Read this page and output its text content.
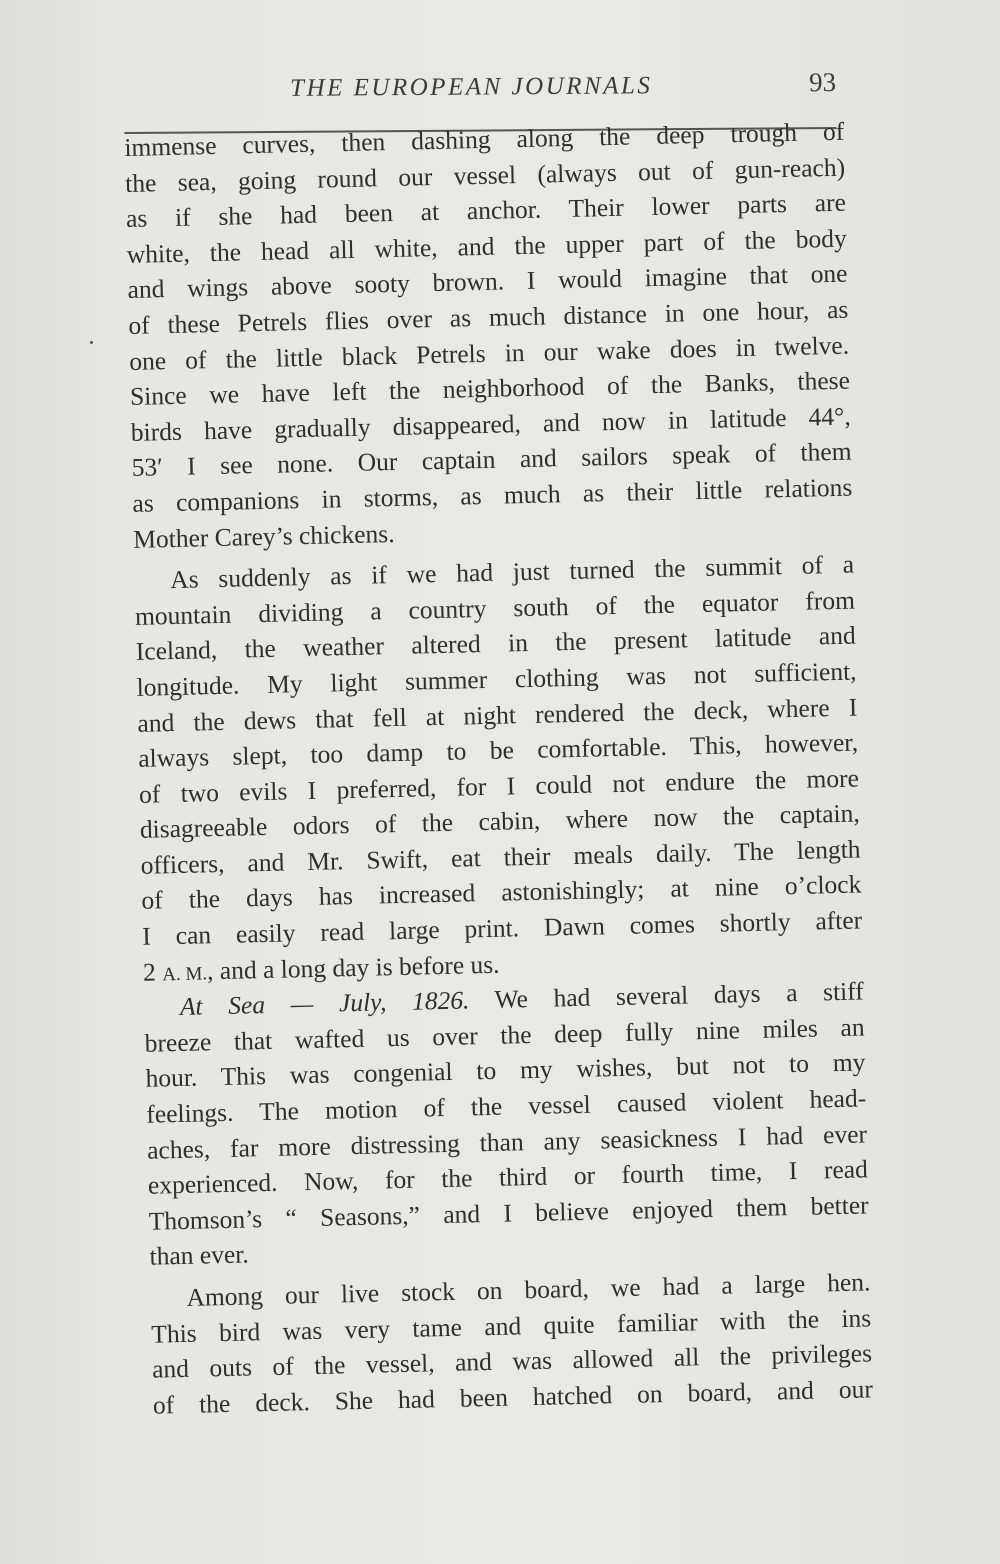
THE EUROPEAN JOURNALS	93
immense curves, then dashing along the deep trough of
the sea, going round our vessel (always out of gun-reach)
as if she had been at anchor. Their lower parts are
white, the head all white, and the upper part of the body
and wings above sooty brown. I would imagine that one
of these Petrels flies over as much distance in one hour, as
one of the little black Petrels in our wake does in twelve.
Since we have left the neighborhood of the Banks, these
birds have gradually disappeared, and now in latitude 44°,
53′ I see none. Our captain and sailors speak of them
as companions in storms, as much as their little relations
Mother Carey’s chickens.
As suddenly as if we had just turned the summit of a
mountain dividing a country south of the equator from
Iceland, the weather altered in the present latitude and
longitude. My light summer clothing was not sufficient,
and the dews that fell at night rendered the deck, where I
always slept, too damp to be comfortable. This, however,
of two evils I preferred, for I could not endure the more
disagreeable odors of the cabin, where now the captain,
officers, and Mr. Swift, eat their meals daily. The length
of the days has increased astonishingly; at nine o’clock
I can easily read large print. Dawn comes shortly after
2 A. M., and a long day is before us.
At Sea — July, 1826. We had several days a stiff
breeze that wafted us over the deep fully nine miles an
hour. This was congenial to my wishes, but not to my
feelings. The motion of the vessel caused violent head-
aches, far more distressing than any seasickness I had ever
experienced. Now, for the third or fourth time, I read
Thomson’s “ Seasons,” and I believe enjoyed them better
than ever.
Among our live stock on board, we had a large hen.
This bird was very tame and quite familiar with the ins
and outs of the vessel, and was allowed all the privileges
of the deck. She had been hatched on board, and our
